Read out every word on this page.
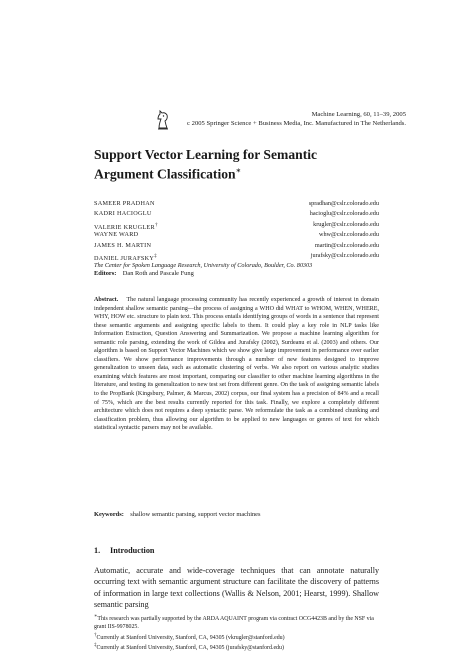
Machine Learning, 60, 11–39, 2005
c 2005 Springer Science + Business Media, Inc. Manufactured in The Netherlands.
Support Vector Learning for Semantic
Argument Classification∗
SAMEER PRADHAN	spradhan@cslr.colorado.edu
KADRI HACIOGLU	hacioglu@cslr.colorado.edu
VALERIE KRUGLER†	krugler@cslr.colorado.edu
WAYNE WARD	whw@cslr.colorado.edu
JAMES H. MARTIN	martin@cslr.colorado.edu
DANIEL JURAFSKY‡	jurafsky@cslr.colorado.edu
The Center for Spoken Language Research, University of Colorado, Boulder, Co. 80303
Editors: Dan Roth and Pascale Fung
Abstract. The natural language processing community has recently experienced a growth of interest in domain independent shallow semantic parsing—the process of assigning a WHO did WHAT to WHOM, WHEN, WHERE, WHY, HOW etc. structure to plain text. This process entails identifying groups of words in a sentence that represent these semantic arguments and assigning specific labels to them. It could play a key role in NLP tasks like Information Extraction, Question Answering and Summarization. We propose a machine learning algorithm for semantic role parsing, extending the work of Gildea and Jurafsky (2002), Surdeanu et al. (2003) and others. Our algorithm is based on Support Vector Machines which we show give large improvement in performance over earlier classifiers. We show performance improvements through a number of new features designed to improve generalization to unseen data, such as automatic clustering of verbs. We also report on various analytic studies examining which features are most important, comparing our classifier to other machine learning algorithms in the literature, and testing its generalization to new test set from different genre. On the task of assigning semantic labels to the PropBank (Kingsbury, Palmer, & Marcus, 2002) corpus, our final system has a precision of 84% and a recall of 75%, which are the best results currently reported for this task. Finally, we explore a completely different architecture which does not requires a deep syntactic parse. We reformulate the task as a combined chunking and classification problem, thus allowing our algorithm to be applied to new languages or genres of text for which statistical syntactic parsers may not be available.
Keywords: shallow semantic parsing, support vector machines
1. Introduction
Automatic, accurate and wide-coverage techniques that can annotate naturally occurring text with semantic argument structure can facilitate the discovery of patterns of information in large text collections (Wallis & Nelson, 2001; Hearst, 1999). Shallow semantic parsing
∗This research was partially supported by the ARDA AQUAINT program via contract OCG4423B and by the NSF via grant IIS-9978025.
†Currently at Stanford University, Stanford, CA, 94305 (vkrugler@stanford.edu)
‡Currently at Stanford University, Stanford, CA, 94305 (jurafsky@stanford.edu)
